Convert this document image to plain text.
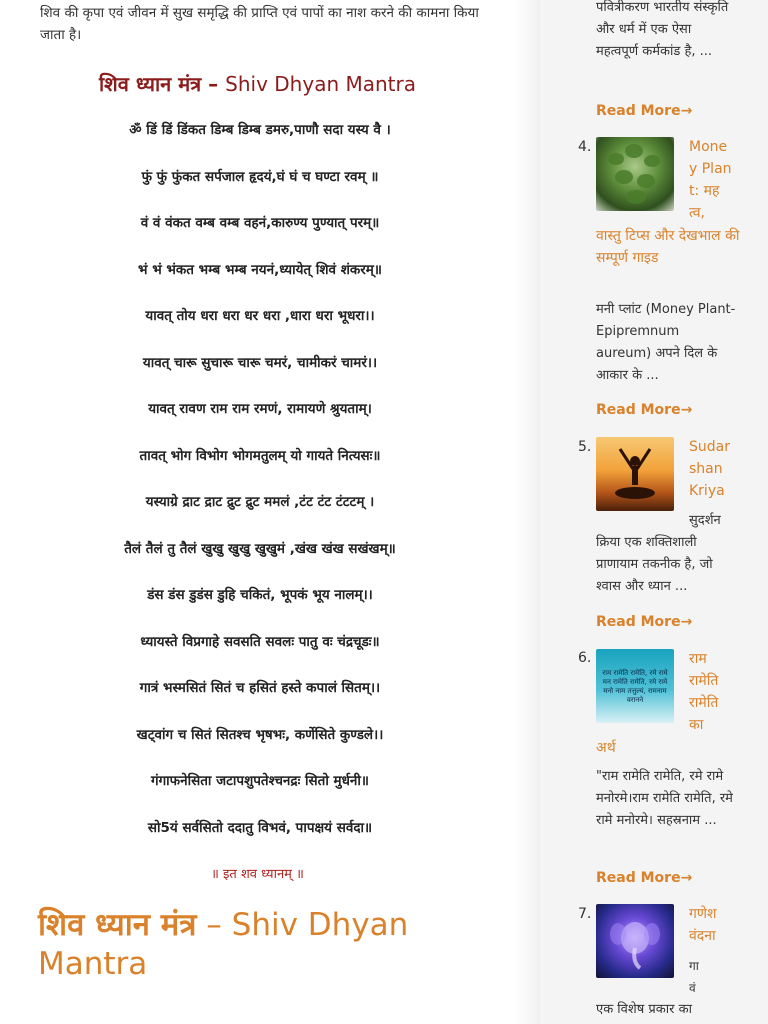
शिव की कृपा एवं जीवन में सुख समृद्धि की प्राप्ति एवं पापों का नाश करने की कामना किया जाता है।
शिव ध्यान मंत्र – Shiv Dhyan Mantra
ॐ डिं डिं डिंकत डिम्ब डिम्ब डमरु,पाणौ सदा यस्य वै ।
फुं फुं फुंकत सर्पजाल हृदयं,घं घं च घण्टा रवम् ॥
वं वं वंकत वम्ब वम्ब वहनं,कारुण्य पुण्यात् परम्॥
भं भं भंकत भम्ब भम्ब नयनं,ध्यायेत् शिवं शंकरम्॥
यावत् तोय धरा धरा धर धरा ,धारा धरा भूधरा।।
यावत् चारू सुचारू चारू चमरं, चामीकरं चामरं।।
यावत् रावण राम राम रमणं, रामायणे श्रुयताम्।
तावत् भोग विभोग भोगमतुलम् यो गायते नित्यसः॥
यस्याग्रे द्राट द्राट द्रुट द्रुट ममलं ,टंट टंट टंटटम् ।
तैलं तैलं तु तैलं खुखु खुखु खुखुमं ,खंख खंख सखंखम्॥
डंस डंस डुडंस डुहि चकितं, भूपकं भूय नालम्।।
ध्यायस्ते विप्रगाहे सवसति सवलः पातु वः चंद्रचूडः॥
गात्रं भस्मसितं सितं च हसितं हस्ते कपालं सितम्।।
खट्वांग च सितं सितश्च भृषभः, कर्णेसिते कुण्डले।।
गंगाफनेसिता जटापशुपतेश्चनद्रः सितो मुर्धनी॥
सो5यं सर्वसितो ददातु विभवं, पापक्षयं सर्वदा॥
॥ इत शव ध्यानम् ॥
शिव ध्यान मंत्र – Shiv Dhyan Mantra
पवित्रीकरण भारतीय संस्कृति और धर्म में एक ऐसा महत्वपूर्ण कर्मकांड है, ...
Read More→
4.	Money Plant: महत्व,
वास्तु टिप्स और देखभाल की सम्पूर्ण गाइड
मनी प्लांट (Money Plant- Epipremnum aureum) अपने दिल के आकार के ...
Read More→
5.	Sudarshan Kriya
सुदर्शन क्रिया एक शक्तिशाली प्राणायाम तकनीक है, जो श्वास और ध्यान ...
Read More→
6.
राम रामेति रामेति, रमे रामे मन रामेति रामेति, रमे रामे मनो नाम तत्तुल्यं, रामनाम वरानने
राम रामेति रामेति का
अर्थ
"राम रामेति रामेति, रमे रामे मनोरमे।राम रामेति रामेति, रमे रामे मनोरमे। सहस्रनाम ...
Read More→
7.	गणेश वंदना
गा
वं
एक विशेष प्रकार का
